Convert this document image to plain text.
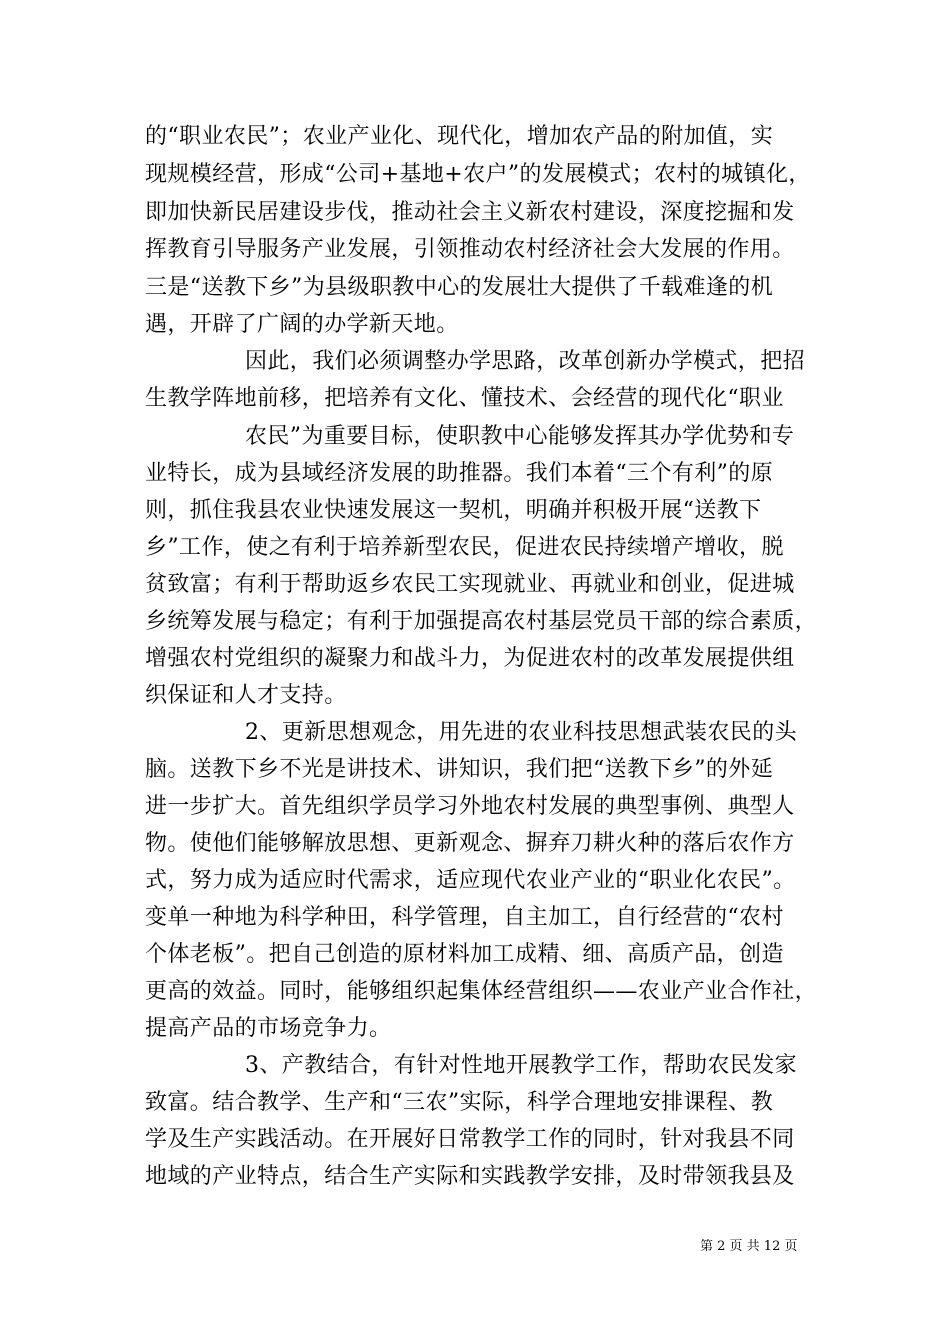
的“职业农民”；农业产业化、现代化，增加农产品的附加值，实
现规模经营，形成“公司+基地+农户”的发展模式；农村的城镇化，
即加快新民居建设步伐，推动社会主义新农村建设，深度挖掘和发
挥教育引导服务产业发展，引领推动农村经济社会大发展的作用。
三是“送教下乡”为县级职教中心的发展壮大提供了千载难逢的机
遇，开辟了广阔的办学新天地。
因此，我们必须调整办学思路，改革创新办学模式，把招
生教学阵地前移，把培养有文化、懂技术、会经营的现代化“职业
农民”为重要目标，使职教中心能够发挥其办学优势和专
业特长，成为县域经济发展的助推器。我们本着“三个有利”的原
则，抓住我县农业快速发展这一契机，明确并积极开展“送教下
乡”工作，使之有利于培养新型农民，促进农民持续增产增收，脱
贫致富；有利于帮助返乡农民工实现就业、再就业和创业，促进城
乡统筹发展与稳定；有利于加强提高农村基层党员干部的综合素质，
增强农村党组织的凝聚力和战斗力，为促进农村的改革发展提供组
织保证和人才支持。
2、更新思想观念，用先进的农业科技思想武装农民的头
脑。送教下乡不光是讲技术、讲知识，我们把“送教下乡”的外延
进一步扩大。首先组织学员学习外地农村发展的典型事例、典型人
物。使他们能够解放思想、更新观念、摒弃刀耕火种的落后农作方
式，努力成为适应时代需求，适应现代农业产业的“职业化农民”。
变单一种地为科学种田，科学管理，自主加工，自行经营的“农村
个体老板”。把自己创造的原材料加工成精、细、高质产品，创造
更高的效益。同时，能够组织起集体经营组织——农业产业合作社，
提高产品的市场竞争力。
3、产教结合，有针对性地开展教学工作，帮助农民发家
致富。结合教学、生产和“三农”实际，科学合理地安排课程、教
学及生产实践活动。在开展好日常教学工作的同时，针对我县不同
地域的产业特点，结合生产实际和实践教学安排，及时带领我县及
第 2 页 共 12 页
